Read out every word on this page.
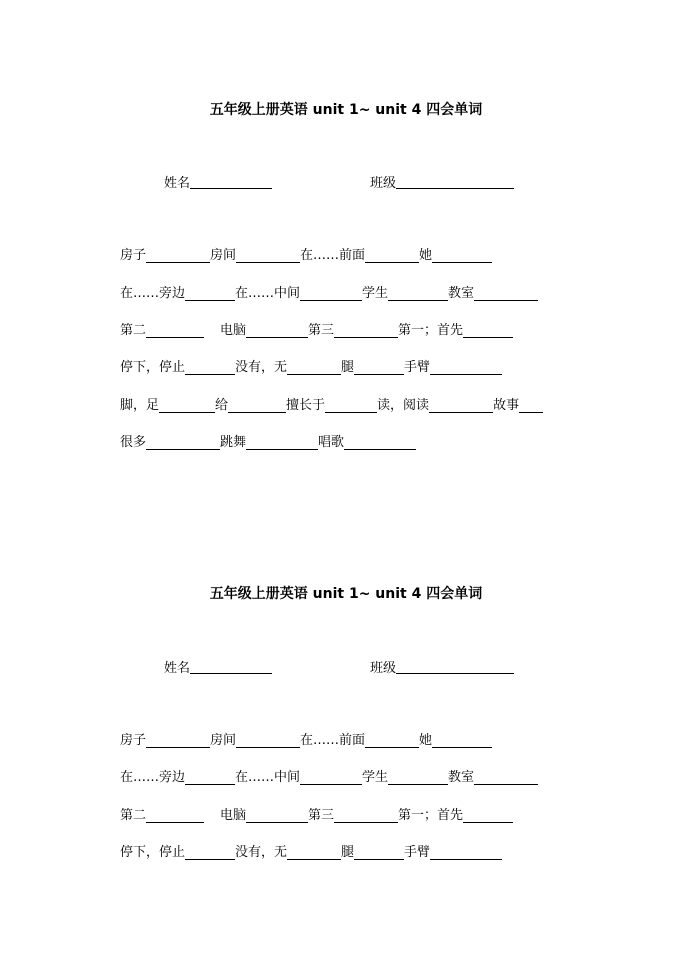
五年级上册英语 unit 1~ unit 4 四会单词
姓名	班级
房子	房间	在……前面	她
在……旁边	在……中间	学生	教室
第二	电脑	第三	第一；首先
停下，停止	没有，无	腿	手臂
脚，足	给	擅长于	读，阅读	故事
很多	跳舞	唱歌
五年级上册英语 unit 1~ unit 4 四会单词
姓名	班级
房子	房间	在……前面	她
在……旁边	在……中间	学生	教室
第二	电脑	第三	第一；首先
停下，停止	没有，无	腿	手臂
